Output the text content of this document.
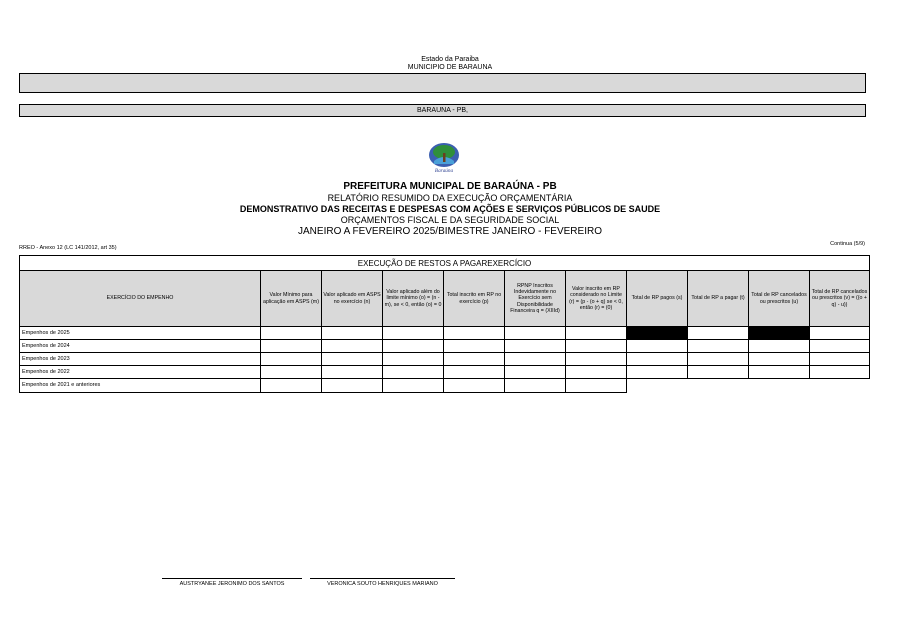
Estado da Paraiba
MUNICIPIO DE BARAUNA
BARAUNA - PB,
Baraúna
PREFEITURA MUNICIPAL DE BARAÚNA - PB
RELATÓRIO RESUMIDO DA EXECUÇÃO ORÇAMENTÁRIA
DEMONSTRATIVO DAS RECEITAS E DESPESAS COM AÇÕES E SERVIÇOS PÚBLICOS DE SAUDE
ORÇAMENTOS FISCAL E DA SEGURIDADE SOCIAL
JANEIRO A FEVEREIRO 2025/BIMESTRE JANEIRO - FEVEREIRO
RREO - Anexo 12 (LC 141/2012, art 35)
Continua (5/9)
EXECUÇÃO DE RESTOS A PAGAREXERCÍCIO										
EXERCÍCIO DO EMPENHO	Valor Mínimo para aplicação em ASPS (m)	Valor aplicado em ASPS no exercício (n)	Valor aplicado além do limite mínimo (o) = (n - m), se < 0, então (o) = 0	Total inscrito em RP no exercício (p)	RPNP Inscritos Indevidamente no Exercício sem Disponibilidade Financeira q = (XIIId)	Valor inscrito em RP considerado no Limite (r) = (p - (o + q) se < 0, então (r) = (0)	Total de RP pagos (s)	Total de RP a pagar (t)	Total de RP cancelados ou prescritos (u)	Total de RP cancelados ou prescritos (v) = ((o + q) - u))
Empenhos de 2025										
Empenhos de 2024										
Empenhos de 2023										
Empenhos de 2022										
Empenhos de 2021 e anteriores										
AUSTRYANEE JERONIMO DOS SANTOS	VERONICA SOUTO HENRIQUES MARIANO
